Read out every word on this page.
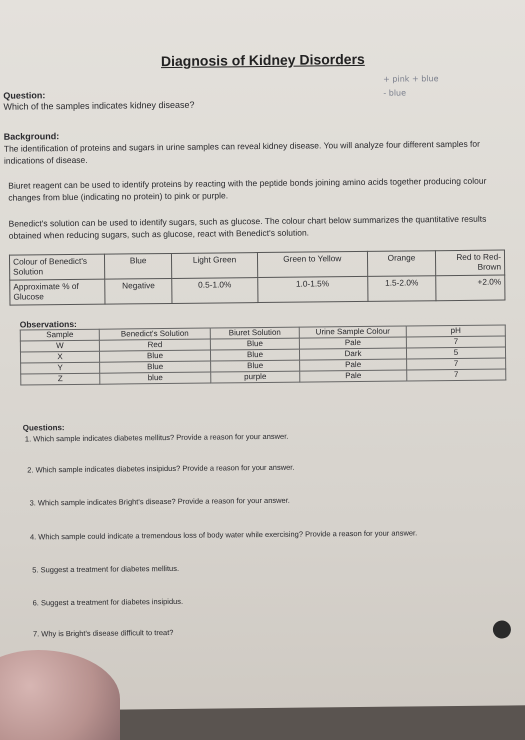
Diagnosis of Kidney Disorders
+ pink + blue
- blue
Question:
Which of the samples indicates kidney disease?
Background:
The identification of proteins and sugars in urine samples can reveal kidney disease. You will analyze four different samples for indications of disease.
Biuret reagent can be used to identify proteins by reacting with the peptide bonds joining amino acids together producing colour changes from blue (indicating no protein) to pink or purple.
Benedict's solution can be used to identify sugars, such as glucose. The colour chart below summarizes the quantitative results obtained when reducing sugars, such as glucose, react with Benedict's solution.
Colour of Benedict's Solution	Blue	Light Green	Green to Yellow	Orange	Red to Red-Brown
Approximate % of Glucose	Negative	0.5-1.0%	1.0-1.5%	1.5-2.0%	+2.0%
Observations:
Sample	Benedict's Solution	Biuret Solution	Urine Sample Colour	pH
W	Red	Blue	Pale	7
X	Blue	Blue	Dark	5
Y	Blue	Blue	Pale	7
Z	blue	purple	Pale	7
Questions:
1. Which sample indicates diabetes mellitus? Provide a reason for your answer.
2. Which sample indicates diabetes insipidus? Provide a reason for your answer.
3. Which sample indicates Bright's disease? Provide a reason for your answer.
4. Which sample could indicate a tremendous loss of body water while exercising? Provide a reason for your answer.
5. Suggest a treatment for diabetes mellitus.
6. Suggest a treatment for diabetes insipidus.
7. Why is Bright's disease difficult to treat?
